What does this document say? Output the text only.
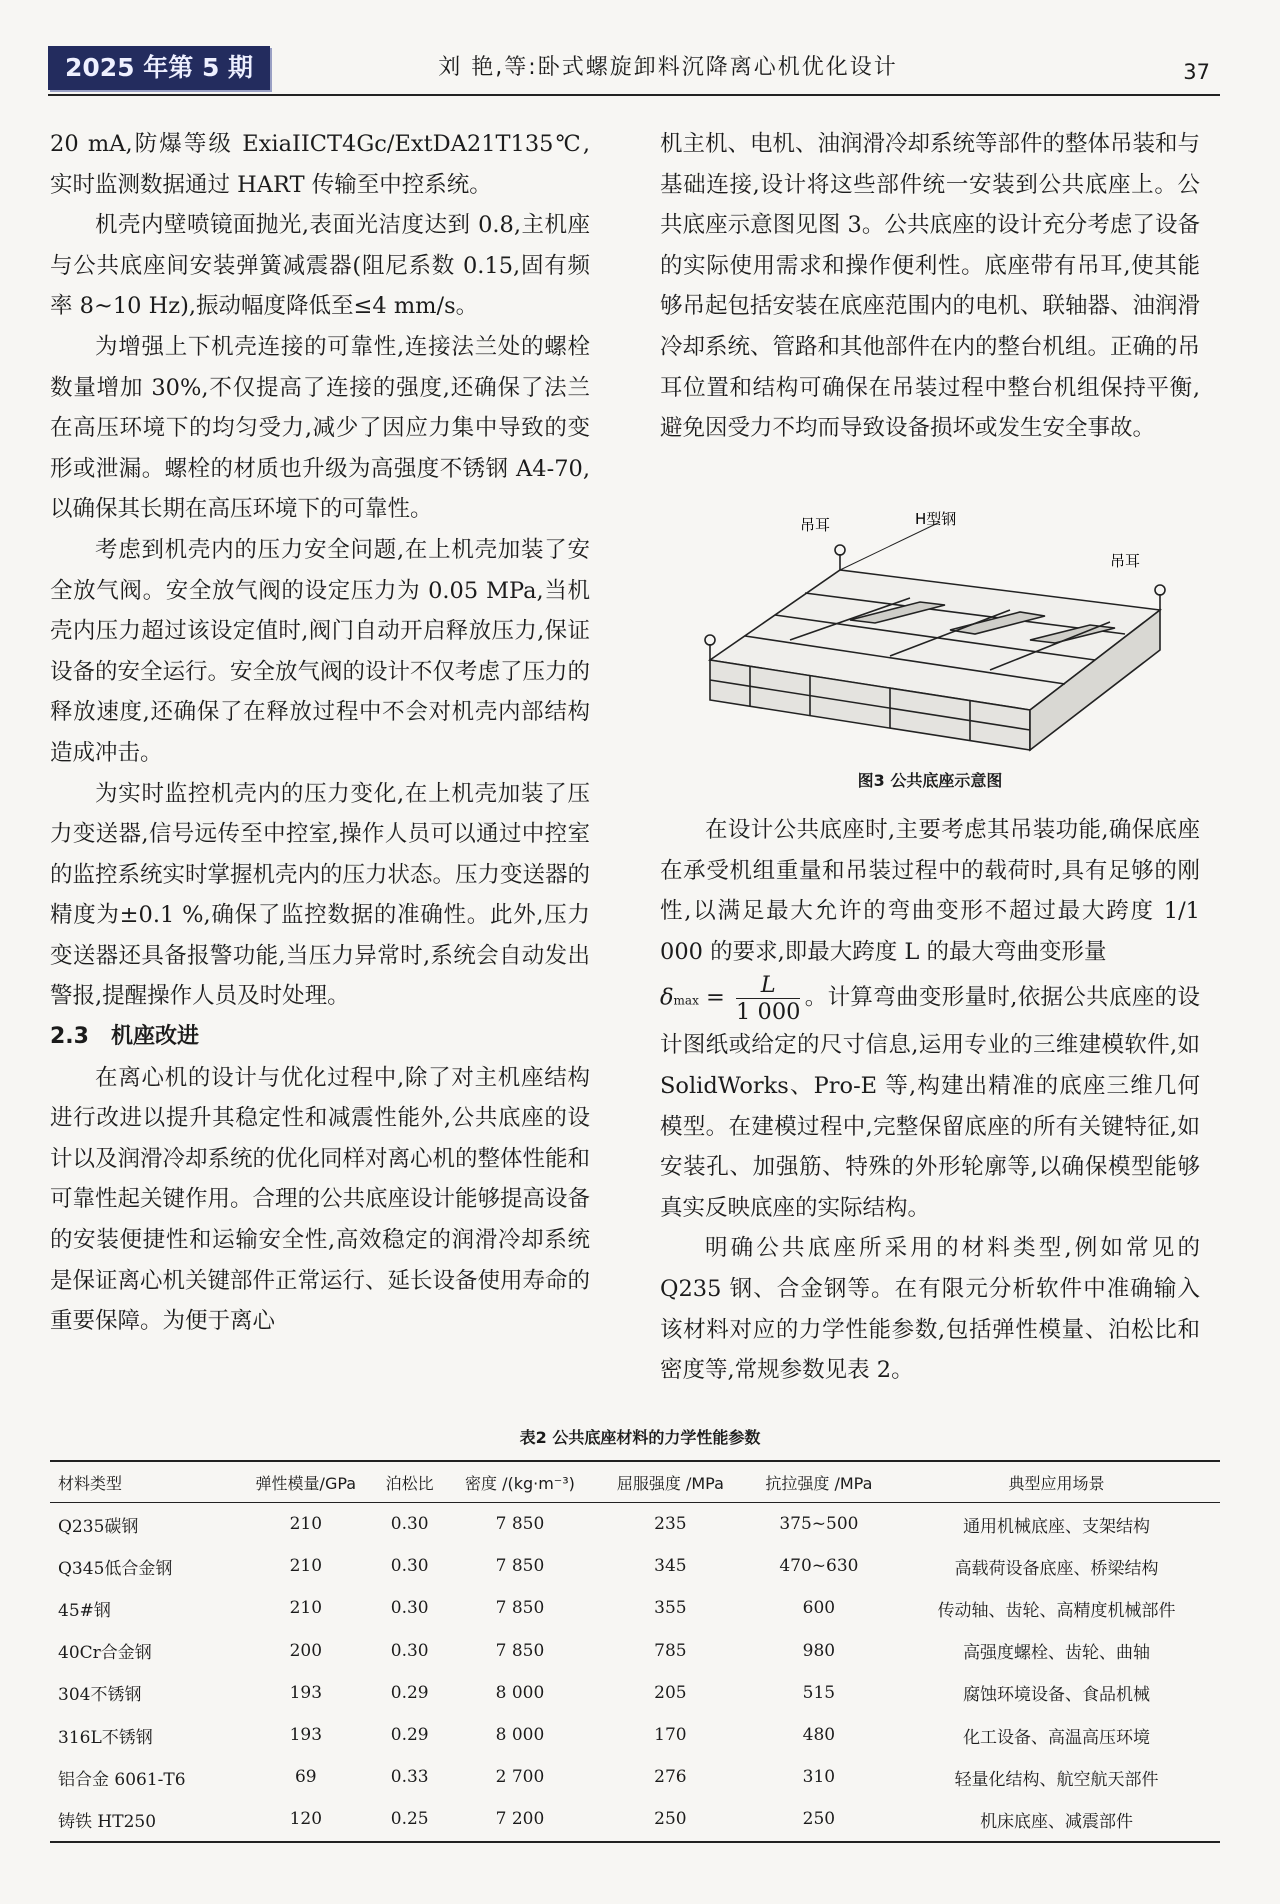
2025 年第 5 期	刘 艳,等:卧式螺旋卸料沉降离心机优化设计	37

20 mA,防爆等级 ExiaIICT4Gc/ExtDA21T135℃,实时监测数据通过 HART 传输至中控系统。

机壳内壁喷镜面抛光,表面光洁度达到 0.8,主机座与公共底座间安装弹簧减震器(阻尼系数 0.15,固有频率 8~10 Hz),振动幅度降低至≤4 mm/s。

为增强上下机壳连接的可靠性,连接法兰处的螺栓数量增加 30%,不仅提高了连接的强度,还确保了法兰在高压环境下的均匀受力,减少了因应力集中导致的变形或泄漏。螺栓的材质也升级为高强度不锈钢 A4-70,以确保其长期在高压环境下的可靠性。

考虑到机壳内的压力安全问题,在上机壳加装了安全放气阀。安全放气阀的设定压力为 0.05 MPa,当机壳内压力超过该设定值时,阀门自动开启释放压力,保证设备的安全运行。安全放气阀的设计不仅考虑了压力的释放速度,还确保了在释放过程中不会对机壳内部结构造成冲击。

为实时监控机壳内的压力变化,在上机壳加装了压力变送器,信号远传至中控室,操作人员可以通过中控室的监控系统实时掌握机壳内的压力状态。压力变送器的精度为±0.1 %,确保了监控数据的准确性。此外,压力变送器还具备报警功能,当压力异常时,系统会自动发出警报,提醒操作人员及时处理。

2.3 机座改进

在离心机的设计与优化过程中,除了对主机座结构进行改进以提升其稳定性和减震性能外,公共底座的设计以及润滑冷却系统的优化同样对离心机的整体性能和可靠性起关键作用。合理的公共底座设计能够提高设备的安装便捷性和运输安全性,高效稳定的润滑冷却系统是保证离心机关键部件正常运行、延长设备使用寿命的重要保障。为便于离心

机主机、电机、油润滑冷却系统等部件的整体吊装和与基础连接,设计将这些部件统一安装到公共底座上。公共底座示意图见图 3。公共底座的设计充分考虑了设备的实际使用需求和操作便利性。底座带有吊耳,使其能够吊起包括安装在底座范围内的电机、联轴器、油润滑冷却系统、管路和其他部件在内的整台机组。正确的吊耳位置和结构可确保在吊装过程中整台机组保持平衡,避免因受力不均而导致设备损坏或发生安全事故。

吊耳	H型钢
吊耳
图3 公共底座示意图

在设计公共底座时,主要考虑其吊装功能,确保底座在承受机组重量和吊装过程中的载荷时,具有足够的刚性,以满足最大允许的弯曲变形不超过最大跨度 1/1 000 的要求,即最大跨度 L 的最大弯曲变形量

$\delta\max = \frac{L}{1 000}$ 。计算弯曲变形量时,依据公共底座的设计图纸或给定的尺寸信息,运用专业的三维建模软件,如 SolidWorks、Pro-E 等,构建出精准的底座三维几何模型。在建模过程中,完整保留底座的所有关键特征,如安装孔、加强筋、特殊的外形轮廓等,以确保模型能够真实反映底座的实际结构。

明确公共底座所采用的材料类型,例如常见的 Q235 钢、合金钢等。在有限元分析软件中准确输入该材料对应的力学性能参数,包括弹性模量、泊松比和密度等,常规参数见表 2。

表2 公共底座材料的力学性能参数
材料类型	弹性模量/GPa	泊松比	密度 /(kg·m⁻³)	屈服强度 /MPa	抗拉强度 /MPa	典型应用场景
Q235碳钢	210	0.30	7 850	235	375~500	通用机械底座、支架结构
Q345低合金钢	210	0.30	7 850	345	470~630	高载荷设备底座、桥梁结构
45#钢	210	0.30	7 850	355	600	传动轴、齿轮、高精度机械部件
40Cr合金钢	200	0.30	7 850	785	980	高强度螺栓、齿轮、曲轴
304不锈钢	193	0.29	8 000	205	515	腐蚀环境设备、食品机械
316L不锈钢	193	0.29	8 000	170	480	化工设备、高温高压环境
铝合金 6061-T6	69	0.33	2 700	276	310	轻量化结构、航空航天部件
铸铁 HT250	120	0.25	7 200	250	250	机床底座、减震部件
